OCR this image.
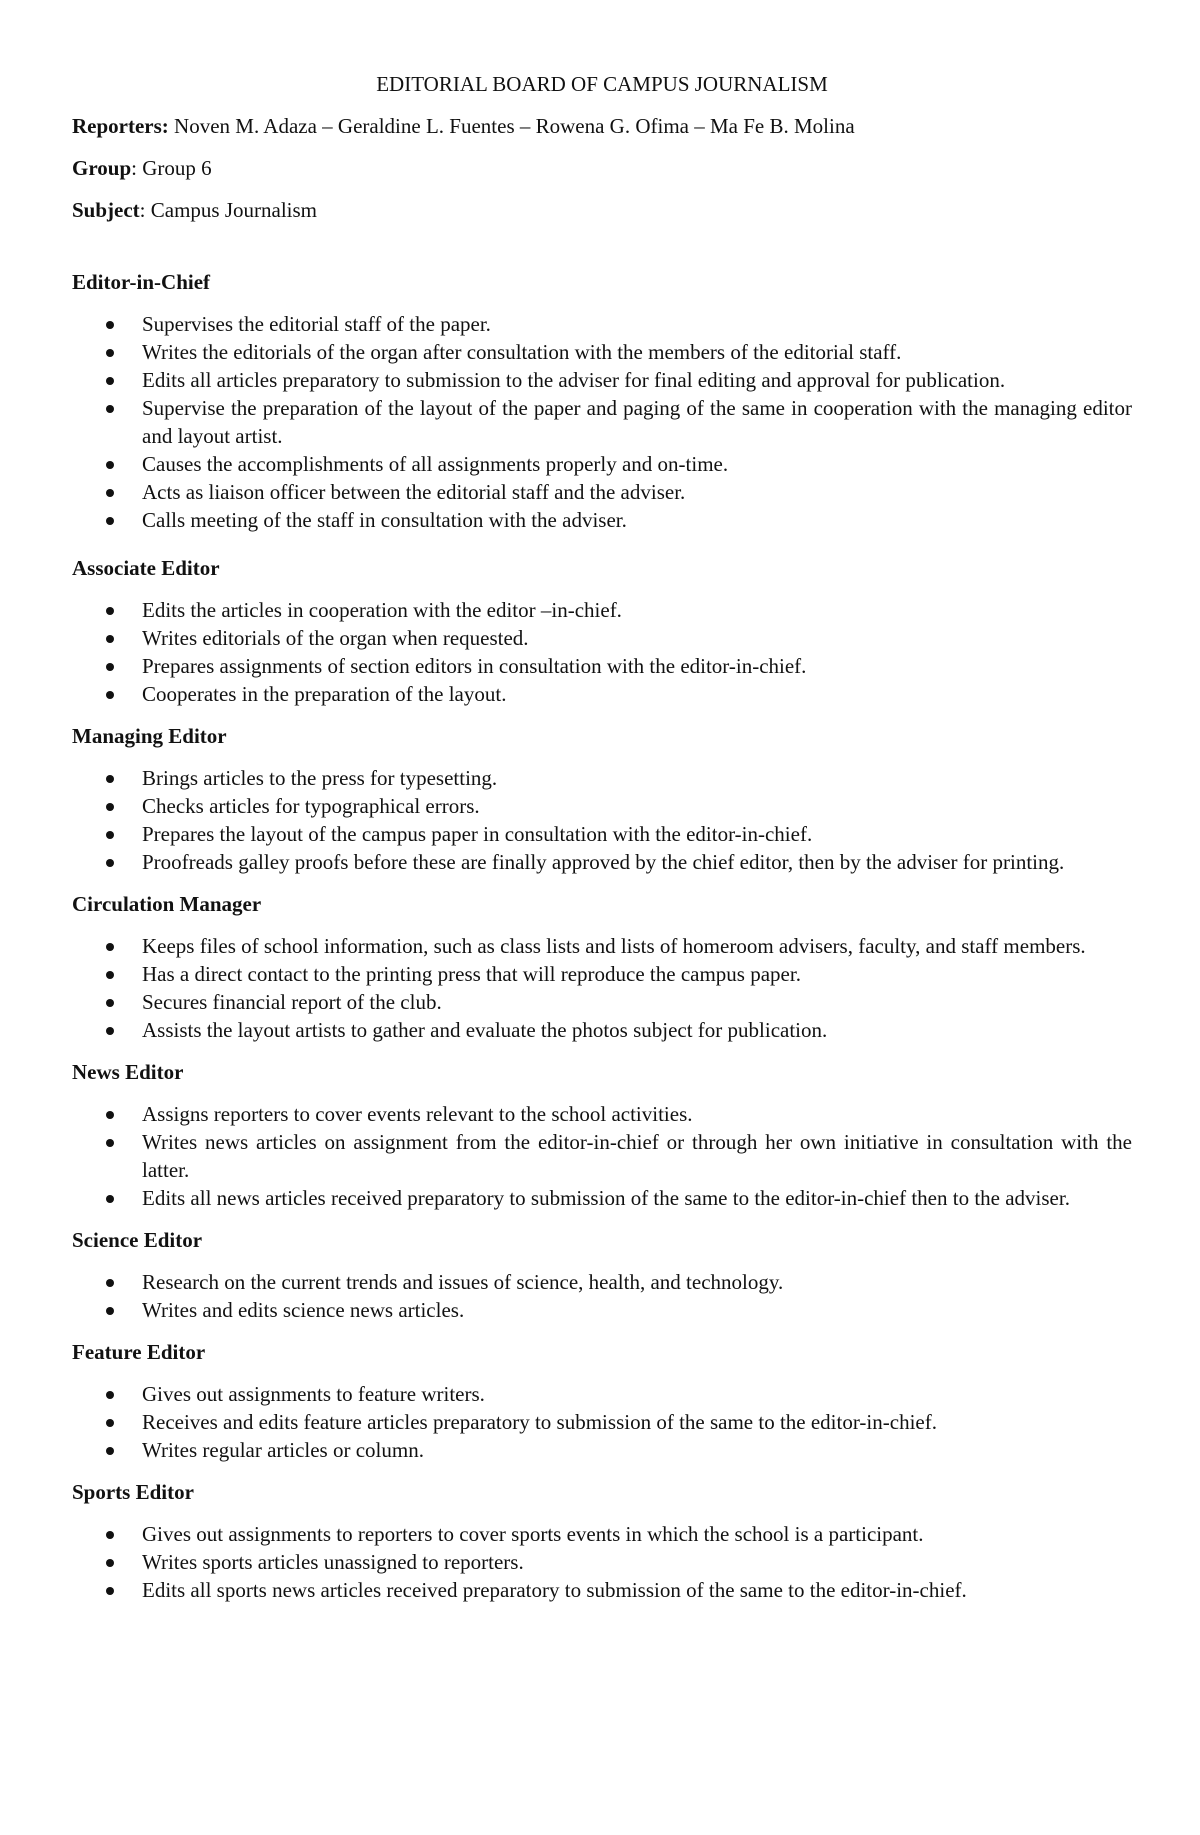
EDITORIAL BOARD OF CAMPUS JOURNALISM

Reporters: Noven M. Adaza – Geraldine L. Fuentes – Rowena G. Ofima – Ma Fe B. Molina

Group: Group 6

Subject: Campus Journalism

Editor-in-Chief

Supervises the editorial staff of the paper.
Writes the editorials of the organ after consultation with the members of the editorial staff.
Edits all articles preparatory to submission to the adviser for final editing and approval for publication.
Supervise the preparation of the layout of the paper and paging of the same in cooperation with the managing editor and layout artist.
Causes the accomplishments of all assignments properly and on-time.
Acts as liaison officer between the editorial staff and the adviser.
Calls meeting of the staff in consultation with the adviser.

Associate Editor

Edits the articles in cooperation with the editor –in-chief.
Writes editorials of the organ when requested.
Prepares assignments of section editors in consultation with the editor-in-chief.
Cooperates in the preparation of the layout.

Managing Editor

Brings articles to the press for typesetting.
Checks articles for typographical errors.
Prepares the layout of the campus paper in consultation with the editor-in-chief.
Proofreads galley proofs before these are finally approved by the chief editor, then by the adviser for printing.

Circulation Manager

Keeps files of school information, such as class lists and lists of homeroom advisers, faculty, and staff members.
Has a direct contact to the printing press that will reproduce the campus paper.
Secures financial report of the club.
Assists the layout artists to gather and evaluate the photos subject for publication.

News Editor

Assigns reporters to cover events relevant to the school activities.
Writes news articles on assignment from the editor-in-chief or through her own initiative in consultation with the latter.
Edits all news articles received preparatory to submission of the same to the editor-in-chief then to the adviser.

Science Editor

Research on the current trends and issues of science, health, and technology.
Writes and edits science news articles.

Feature Editor

Gives out assignments to feature writers.
Receives and edits feature articles preparatory to submission of the same to the editor-in-chief.
Writes regular articles or column.

Sports Editor

Gives out assignments to reporters to cover sports events in which the school is a participant.
Writes sports articles unassigned to reporters.
Edits all sports news articles received preparatory to submission of the same to the editor-in-chief.
